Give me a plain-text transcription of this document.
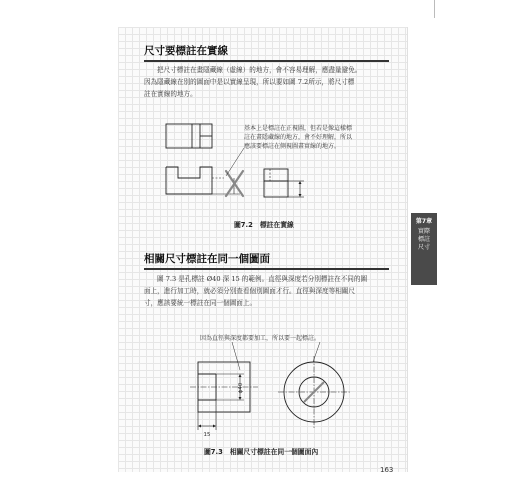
尺寸要標註在實線
把尺寸標註在畫隱藏線（虛線）的地方，會不容易理解，應盡量避免。
因為隱藏線在別的圖面中是以實線呈現，所以要如圖 7.2所示，將尺寸標
註在實線的地方。
基本上是標註在正視圖，但若是像這樣標
註在畫隱藏線的地方，會不好理解，所以
應該要標註在側視圖畫實線的地方。
圖7.2 標註在實線
相關尺寸標註在同一個圖面
圖 7.3 是孔標註 Ø40 深 15 的範例。直徑與深度若分別標註在不同的圖
面上，進行加工時，就必須分別查看個別圖面才行。直徑與深度等相關尺
寸，應該要統一標註在同一個圖面上。
因為直徑與深度都要加工，所以要一起標註。
ϕ40
15
圖7.3 相關尺寸標註在同一個圖面內
第7章
實際標註尺寸
163
